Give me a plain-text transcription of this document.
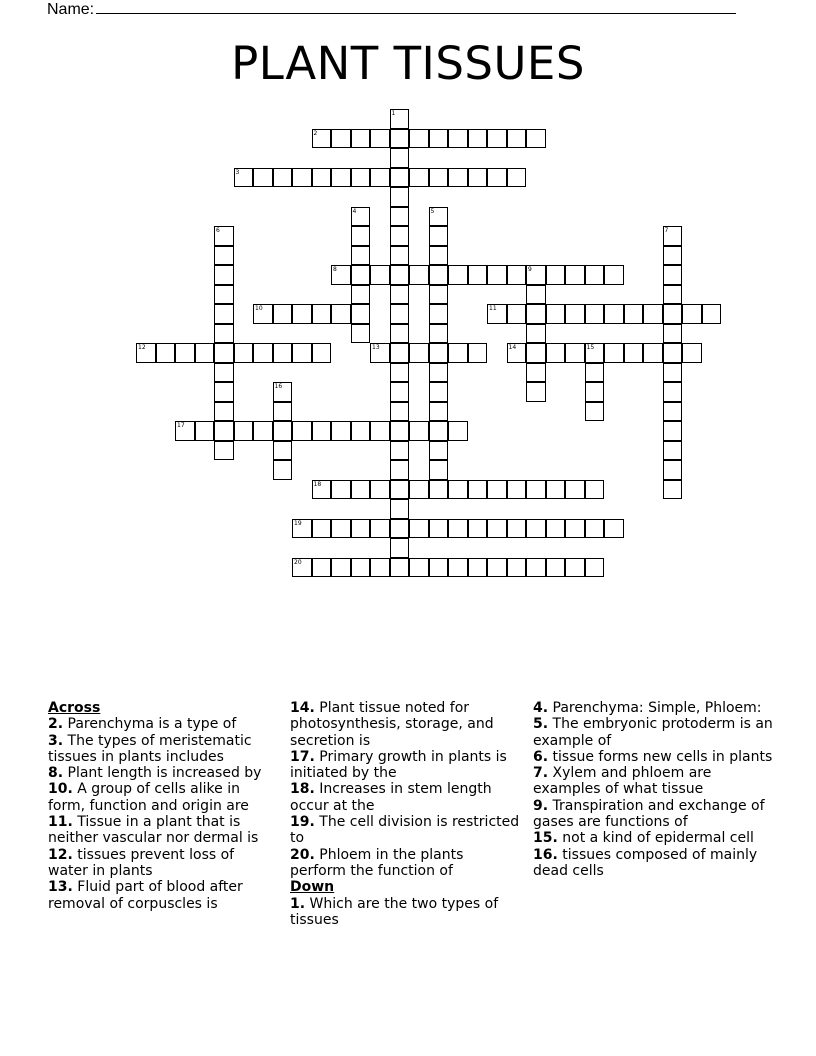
Name:
PLANT TISSUES
1
2
3
4	5
6	7
8	9
10	11
12	13	14	15
16
17
18
19
20
Across
2. Parenchyma is a type of
3. The types of meristematic tissues in plants includes
8. Plant length is increased by
10. A group of cells alike in form, function and origin are
11. Tissue in a plant that is neither vascular nor dermal is
12. tissues prevent loss of water in plants
13. Fluid part of blood after removal of corpuscles is
14. Plant tissue noted for photosynthesis, storage, and secretion is
17. Primary growth in plants is initiated by the
18. Increases in stem length occur at the
19. The cell division is restricted to
20. Phloem in the plants perform the function of
Down
1. Which are the two types of tissues
4. Parenchyma: Simple, Phloem:
5. The embryonic protoderm is an example of
6. tissue forms new cells in plants
7. Xylem and phloem are examples of what tissue
9. Transpiration and exchange of gases are functions of
15. not a kind of epidermal cell
16. tissues composed of mainly dead cells
